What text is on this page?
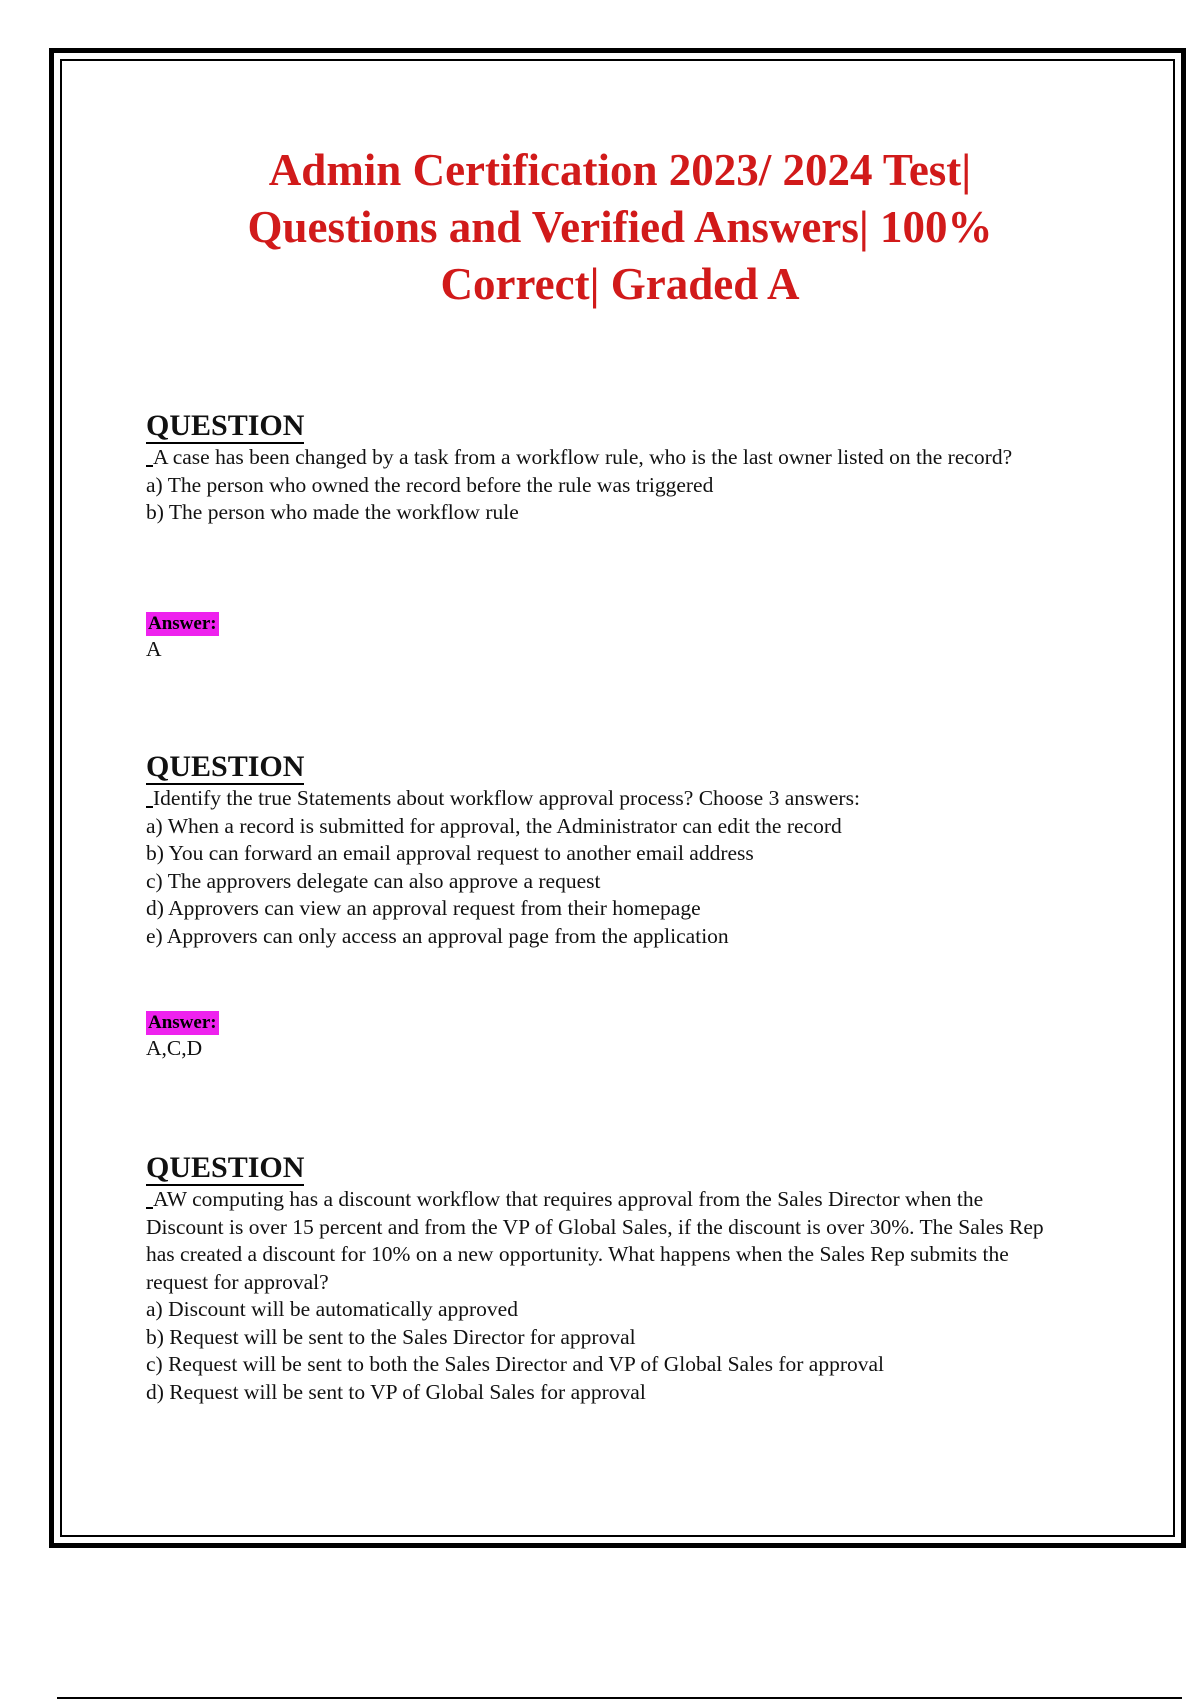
Admin Certification 2023/ 2024 Test| Questions and Verified Answers| 100% Correct| Graded A
QUESTION

A case has been changed by a task from a workflow rule, who is the last owner listed on the record?

a) The person who owned the record before the rule was triggered

b) The person who made the workflow rule

Answer:

A

QUESTION

Identify the true Statements about workflow approval process? Choose 3 answers:

a) When a record is submitted for approval, the Administrator can edit the record

b) You can forward an email approval request to another email address

c) The approvers delegate can also approve a request

d) Approvers can view an approval request from their homepage

e) Approvers can only access an approval page from the application

Answer:

A,C,D

QUESTION

AW computing has a discount workflow that requires approval from the Sales Director when the Discount is over 15 percent and from the VP of Global Sales, if the discount is over 30%. The Sales Rep has created a discount for 10% on a new opportunity. What happens when the Sales Rep submits the request for approval?

a) Discount will be automatically approved

b) Request will be sent to the Sales Director for approval

c) Request will be sent to both the Sales Director and VP of Global Sales for approval

d) Request will be sent to VP of Global Sales for approval
